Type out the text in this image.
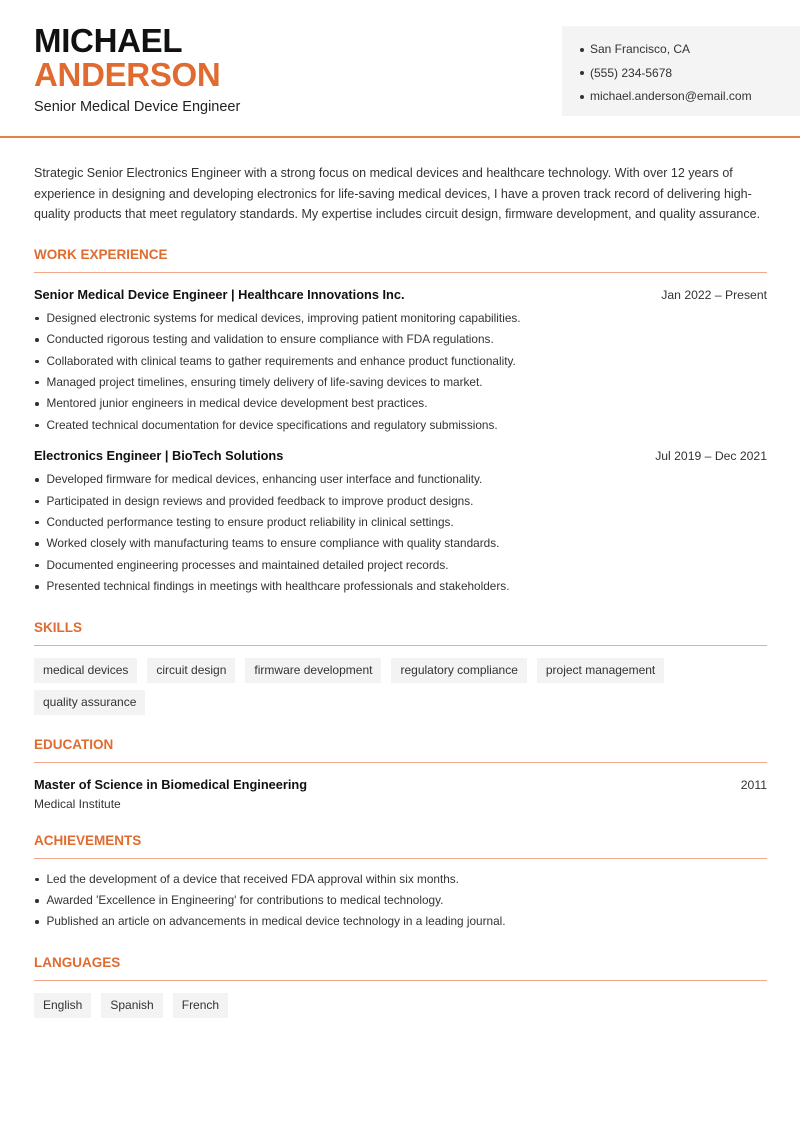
MICHAEL
ANDERSON
Senior Medical Device Engineer
San Francisco, CA
(555) 234-5678
michael.anderson@email.com

Strategic Senior Electronics Engineer with a strong focus on medical devices and healthcare technology. With over 12 years of experience in designing and developing electronics for life-saving medical devices, I have a proven track record of delivering high-quality products that meet regulatory standards. My expertise includes circuit design, firmware development, and quality assurance.

WORK EXPERIENCE
Senior Medical Device Engineer | Healthcare Innovations Inc.	Jan 2022 – Present
Designed electronic systems for medical devices, improving patient monitoring capabilities.
Conducted rigorous testing and validation to ensure compliance with FDA regulations.
Collaborated with clinical teams to gather requirements and enhance product functionality.
Managed project timelines, ensuring timely delivery of life-saving devices to market.
Mentored junior engineers in medical device development best practices.
Created technical documentation for device specifications and regulatory submissions.
Electronics Engineer | BioTech Solutions	Jul 2019 – Dec 2021
Developed firmware for medical devices, enhancing user interface and functionality.
Participated in design reviews and provided feedback to improve product designs.
Conducted performance testing to ensure product reliability in clinical settings.
Worked closely with manufacturing teams to ensure compliance with quality standards.
Documented engineering processes and maintained detailed project records.
Presented technical findings in meetings with healthcare professionals and stakeholders.
SKILLS
medical devices	circuit design	firmware development	regulatory compliance	project management
quality assurance
EDUCATION
Master of Science in Biomedical Engineering	2011
Medical Institute
ACHIEVEMENTS
Led the development of a device that received FDA approval within six months.
Awarded 'Excellence in Engineering' for contributions to medical technology.
Published an article on advancements in medical device technology in a leading journal.
LANGUAGES
English	Spanish	French
